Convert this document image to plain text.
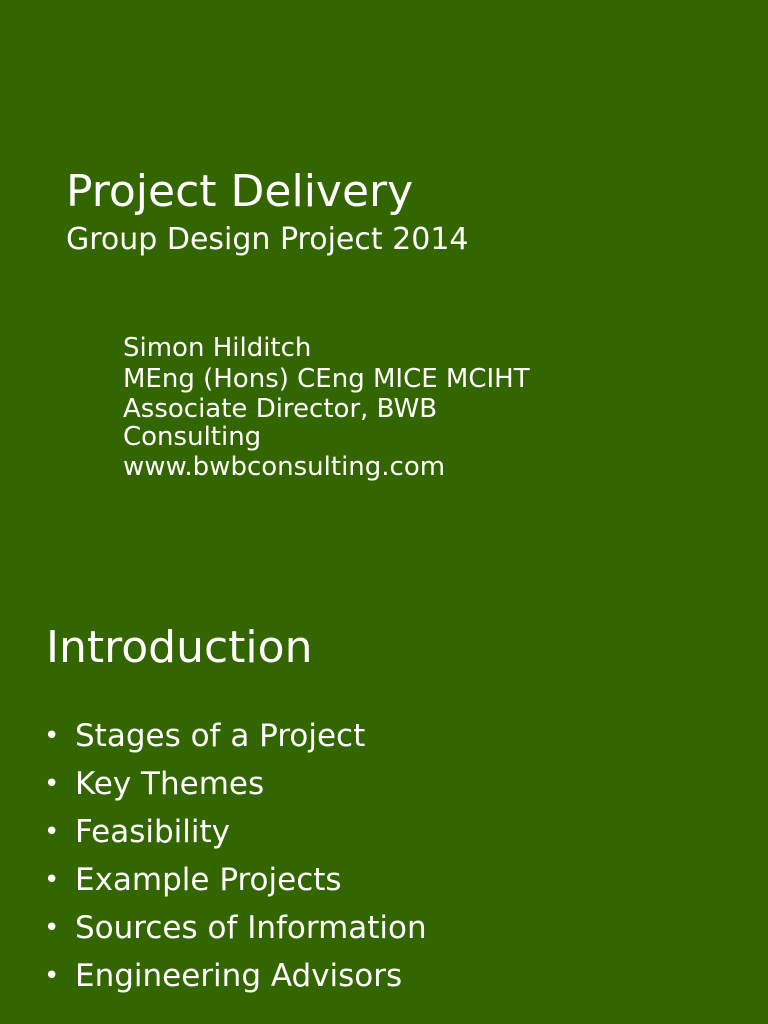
Project Delivery
Group Design Project 2014
Simon Hilditch
MEng (Hons) CEng MICE MCIHT
Associate Director, BWB Consulting
www.bwbconsulting.com
Introduction
• Stages of a Project
• Key Themes
• Feasibility
• Example Projects
• Sources of Information
• Engineering Advisors
